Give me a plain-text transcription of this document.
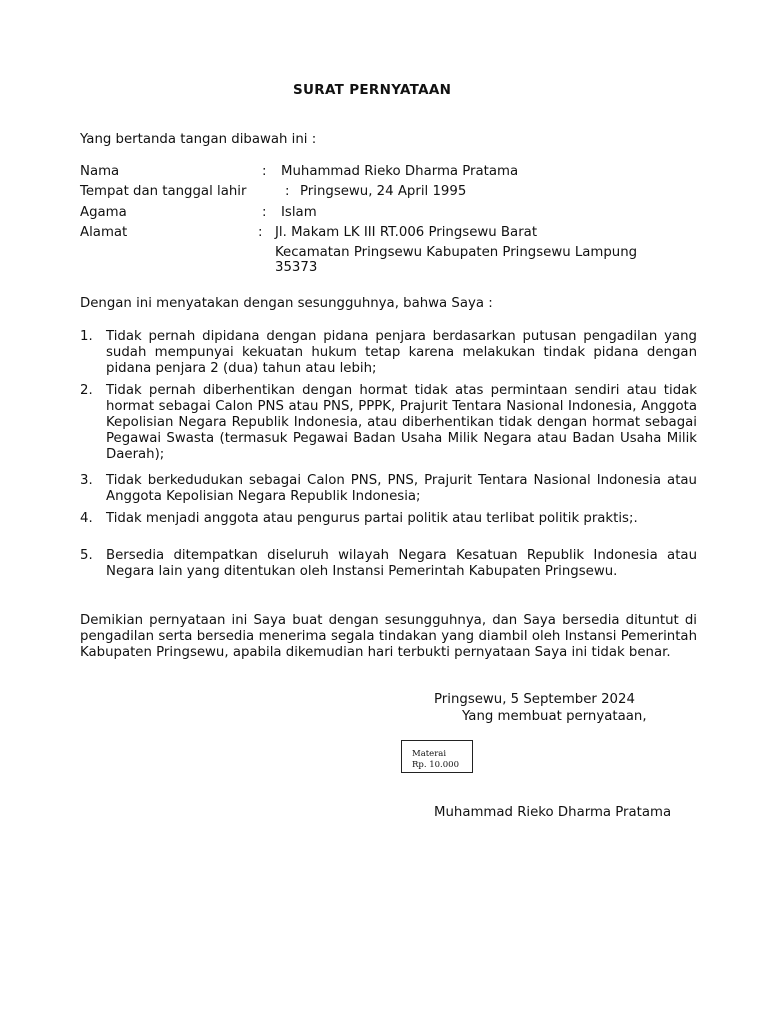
SURAT PERNYATAAN
Yang bertanda tangan dibawah ini :
Nama	: Muhammad Rieko Dharma Pratama
Tempat dan tanggal lahir	: Pringsewu, 24 April 1995
Agama	: Islam
Alamat	: Jl. Makam LK III RT.006 Pringsewu Barat
Kecamatan Pringsewu Kabupaten Pringsewu Lampung
35373
Dengan ini menyatakan dengan sesungguhnya, bahwa Saya :
1. Tidak pernah dipidana dengan pidana penjara berdasarkan putusan pengadilan yang sudah mempunyai kekuatan hukum tetap karena melakukan tindak pidana dengan pidana penjara 2 (dua) tahun atau lebih;
2. Tidak pernah diberhentikan dengan hormat tidak atas permintaan sendiri atau tidak hormat sebagai Calon PNS atau PNS, PPPK, Prajurit Tentara Nasional Indonesia, Anggota Kepolisian Negara Republik Indonesia, atau diberhentikan tidak dengan hormat sebagai Pegawai Swasta (termasuk Pegawai Badan Usaha Milik Negara atau Badan Usaha Milik Daerah);
3. Tidak berkedudukan sebagai Calon PNS, PNS, Prajurit Tentara Nasional Indonesia atau Anggota Kepolisian Negara Republik Indonesia;
4. Tidak menjadi anggota atau pengurus partai politik atau terlibat politik praktis;.
5. Bersedia ditempatkan diseluruh wilayah Negara Kesatuan Republik Indonesia atau Negara lain yang ditentukan oleh Instansi Pemerintah Kabupaten Pringsewu.
Demikian pernyataan ini Saya buat dengan sesungguhnya, dan Saya bersedia dituntut di pengadilan serta bersedia menerima segala tindakan yang diambil oleh Instansi Pemerintah Kabupaten Pringsewu, apabila dikemudian hari terbukti pernyataan Saya ini tidak benar.
Pringsewu, 5 September 2024
Yang membuat pernyataan,
Materai
Rp. 10.000
Muhammad Rieko Dharma Pratama
